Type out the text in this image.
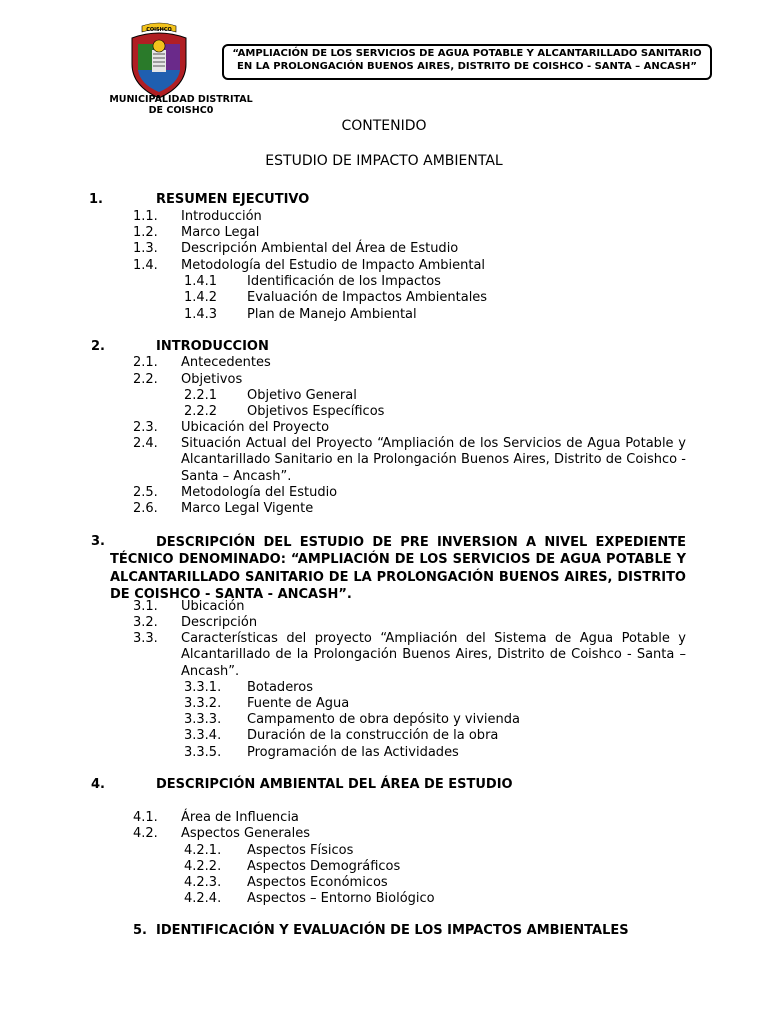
COISHCO
MUNICIPALIDAD DISTRITAL DE COISHC0
“AMPLIACIÓN DE LOS SERVICIOS DE AGUA POTABLE Y ALCANTARILLADO SANITARIO EN LA PROLONGACIÓN BUENOS AIRES, DISTRITO DE COISHCO - SANTA – ANCASH”
CONTENIDO
ESTUDIO DE IMPACTO AMBIENTAL
1.	RESUMEN EJECUTIVO
1.1. Introducción
1.2. Marco Legal
1.3. Descripción Ambiental del Área de Estudio
1.4. Metodología del Estudio de Impacto Ambiental
1.4.1 Identificación de los Impactos
1.4.2 Evaluación de Impactos Ambientales
1.4.3 Plan de Manejo Ambiental
2.	INTRODUCCION
2.1. Antecedentes
2.2. Objetivos
2.2.1 Objetivo General
2.2.2 Objetivos Específicos
2.3. Ubicación del Proyecto
2.4. Situación Actual del Proyecto “Ampliación de los Servicios de Agua Potable y Alcantarillado Sanitario en la Prolongación Buenos Aires, Distrito de Coishco - Santa – Ancash”.
2.5. Metodología del Estudio
2.6. Marco Legal Vigente
3.	DESCRIPCIÓN DEL ESTUDIO DE PRE INVERSION A NIVEL EXPEDIENTE TÉCNICO DENOMINADO: “AMPLIACIÓN DE LOS SERVICIOS DE AGUA POTABLE Y ALCANTARILLADO SANITARIO DE LA PROLONGACIÓN BUENOS AIRES, DISTRITO DE COISHCO - SANTA - ANCASH”.
3.1. Ubicación
3.2. Descripción
3.3. Características del proyecto “Ampliación del Sistema de Agua Potable y Alcantarillado de la Prolongación Buenos Aires, Distrito de Coishco - Santa – Ancash”.
3.3.1. Botaderos
3.3.2. Fuente de Agua
3.3.3. Campamento de obra depósito y vivienda
3.3.4. Duración de la construcción de la obra
3.3.5. Programación de las Actividades
4.	DESCRIPCIÓN AMBIENTAL DEL ÁREA DE ESTUDIO
4.1. Área de Influencia
4.2. Aspectos Generales
4.2.1. Aspectos Físicos
4.2.2. Aspectos Demográficos
4.2.3. Aspectos Económicos
4.2.4. Aspectos – Entorno Biológico
5. IDENTIFICACIÓN Y EVALUACIÓN DE LOS IMPACTOS AMBIENTALES
